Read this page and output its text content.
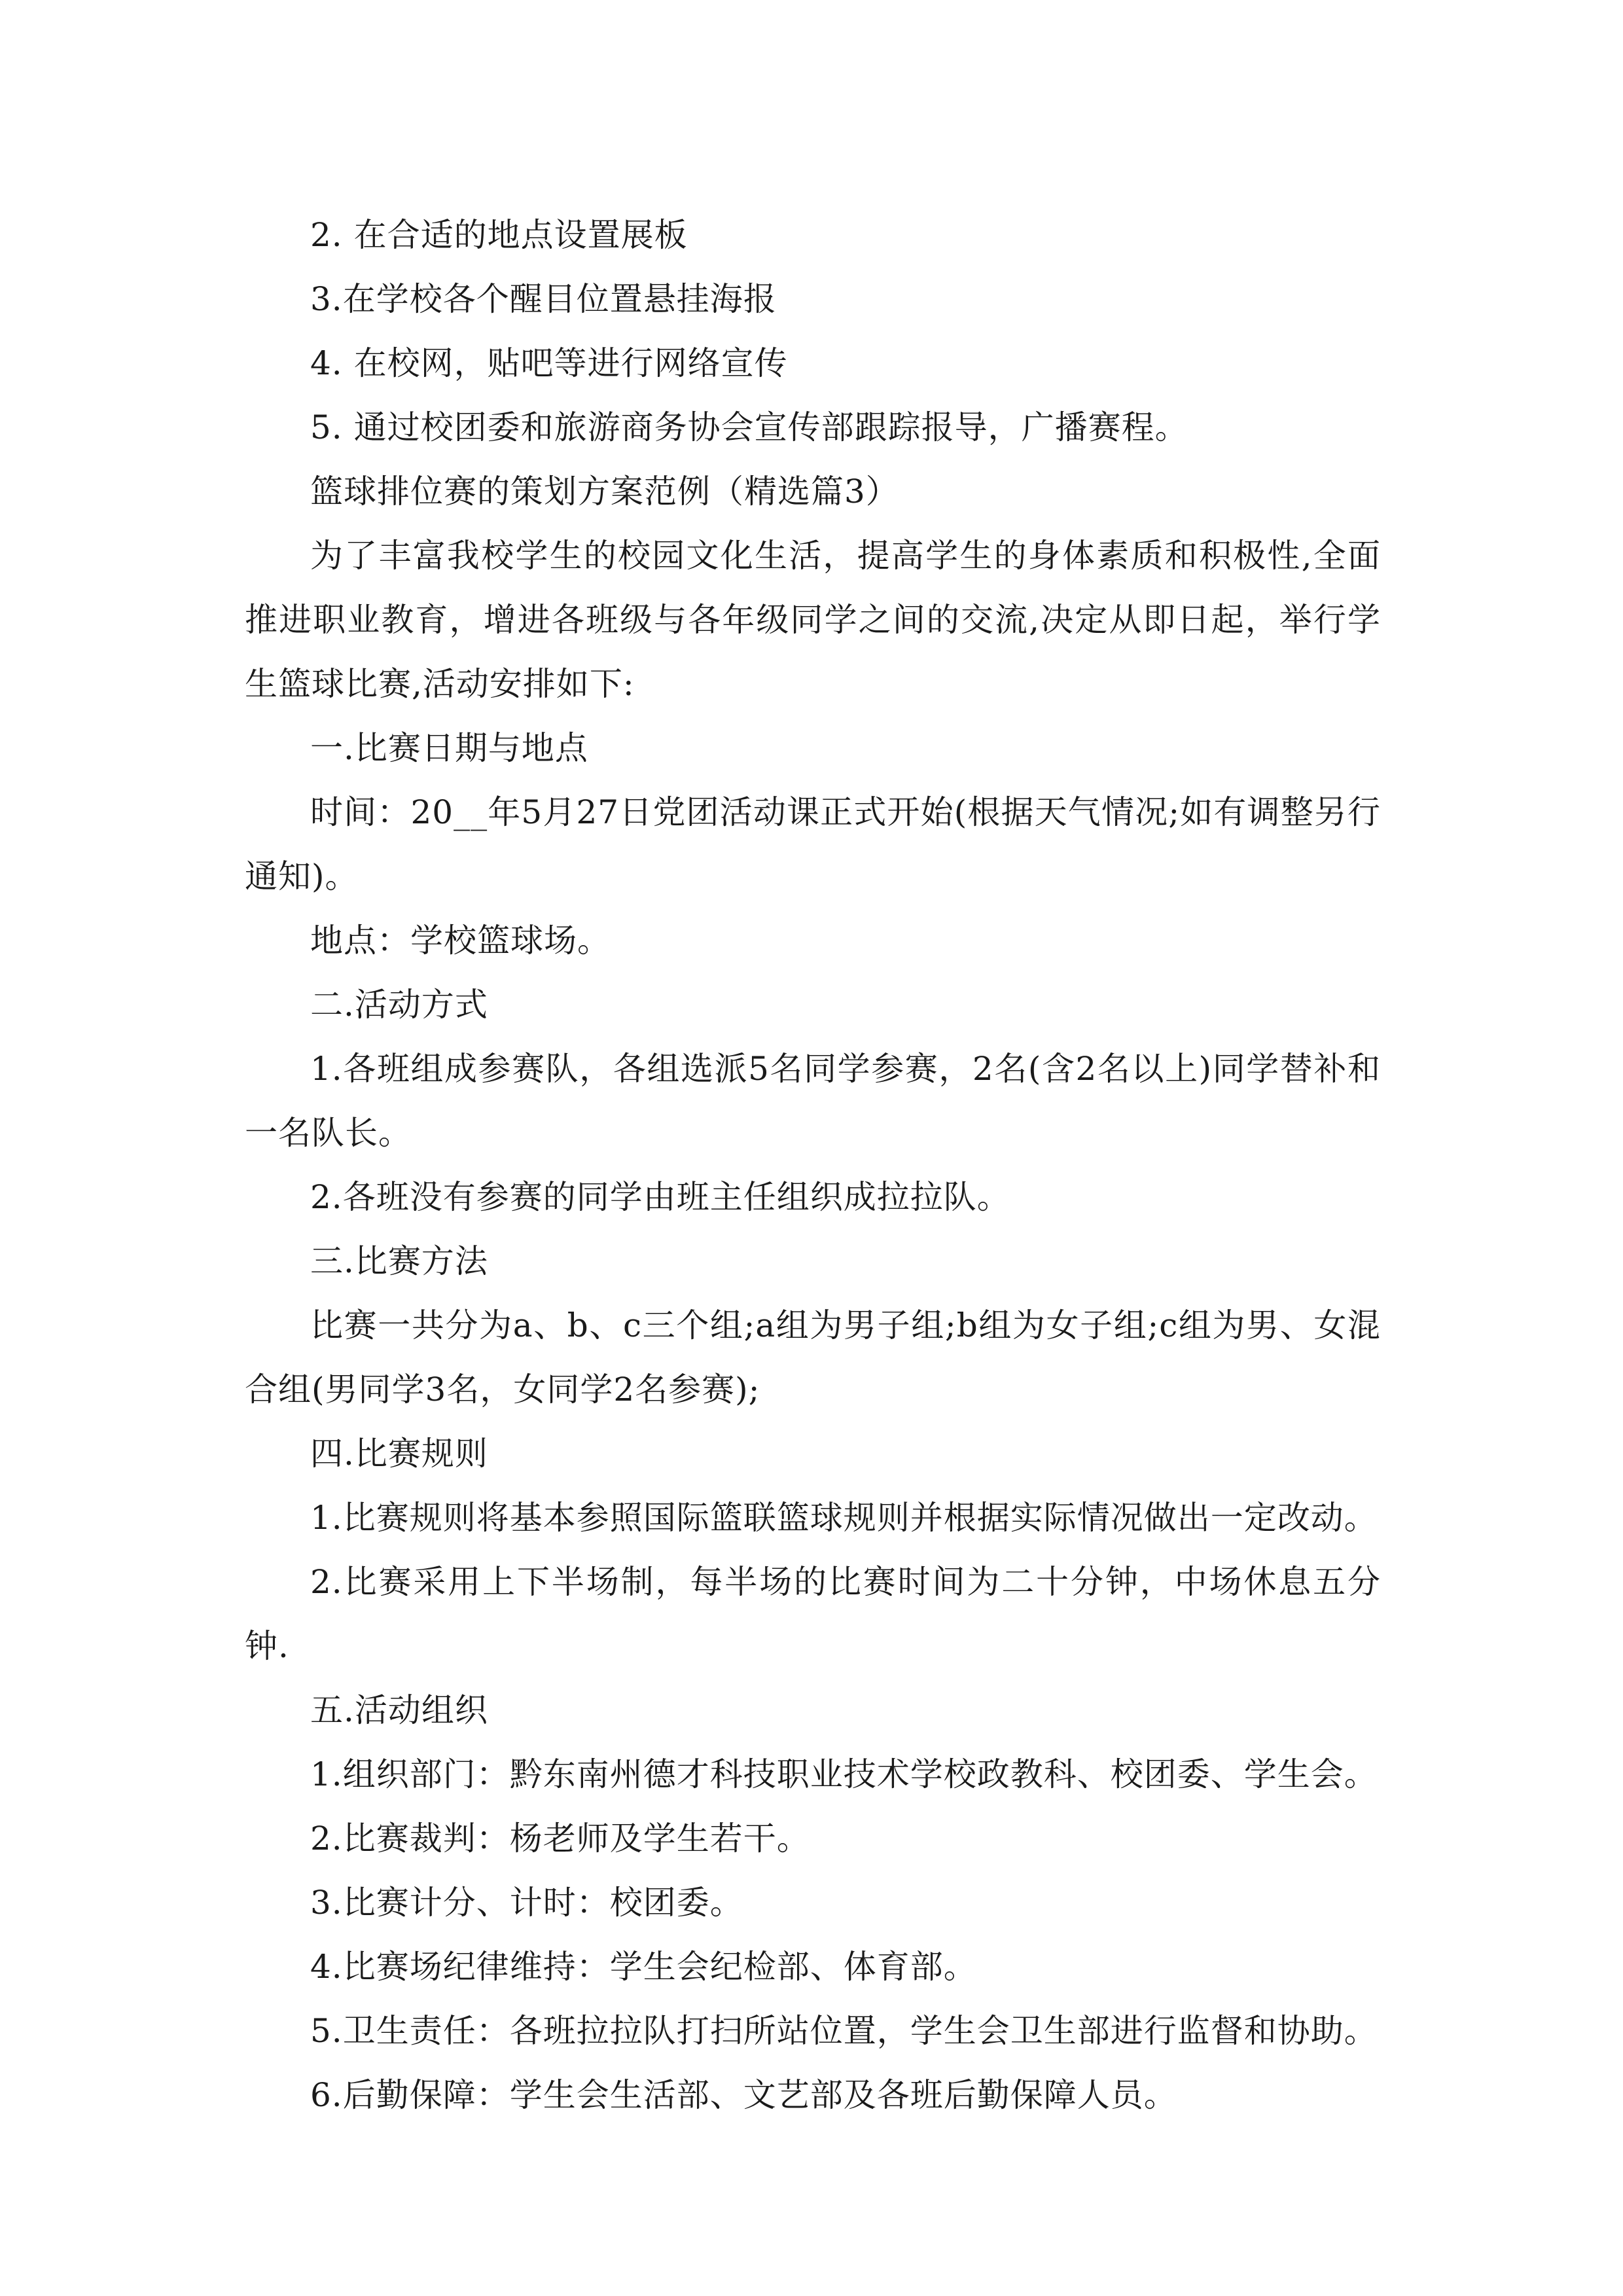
2. 在合适的地点设置展板

3.在学校各个醒目位置悬挂海报

4. 在校网，贴吧等进行网络宣传

5. 通过校团委和旅游商务协会宣传部跟踪报导，广播赛程。

篮球排位赛的策划方案范例（精选篇3）

为了丰富我校学生的校园文化生活，提高学生的身体素质和积极性,全面推进职业教育，增进各班级与各年级同学之间的交流,决定从即日起，举行学生篮球比赛,活动安排如下:

一.比赛日期与地点

时间：20__年5月27日党团活动课正式开始(根据天气情况;如有调整另行通知)。

地点：学校篮球场。

二.活动方式

1.各班组成参赛队，各组选派5名同学参赛，2名(含2名以上)同学替补和一名队长。

2.各班没有参赛的同学由班主任组织成拉拉队。

三.比赛方法

比赛一共分为a、b、c三个组;a组为男子组;b组为女子组;c组为男、女混合组(男同学3名，女同学2名参赛);

四.比赛规则

1.比赛规则将基本参照国际篮联篮球规则并根据实际情况做出一定改动。

2.比赛采用上下半场制，每半场的比赛时间为二十分钟，中场休息五分钟.

五.活动组织

1.组织部门：黔东南州德才科技职业技术学校政教科、校团委、学生会。

2.比赛裁判：杨老师及学生若干。

3.比赛计分、计时：校团委。

4.比赛场纪律维持：学生会纪检部、体育部。

5.卫生责任：各班拉拉队打扫所站位置，学生会卫生部进行监督和协助。

6.后勤保障：学生会生活部、文艺部及各班后勤保障人员。
